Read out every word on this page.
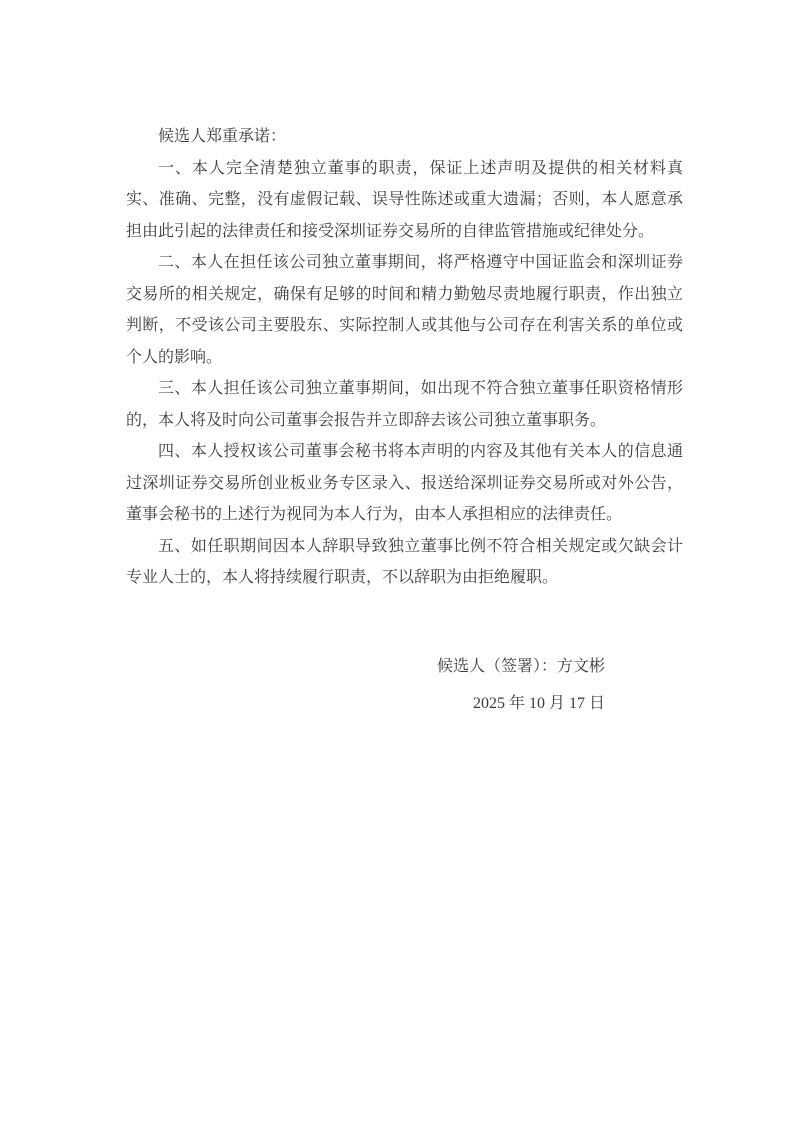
候选人郑重承诺：

一、本人完全清楚独立董事的职责，保证上述声明及提供的相关材料真实、准确、完整，没有虚假记载、误导性陈述或重大遗漏；否则，本人愿意承担由此引起的法律责任和接受深圳证券交易所的自律监管措施或纪律处分。

二、本人在担任该公司独立董事期间，将严格遵守中国证监会和深圳证券交易所的相关规定，确保有足够的时间和精力勤勉尽责地履行职责，作出独立判断，不受该公司主要股东、实际控制人或其他与公司存在利害关系的单位或个人的影响。

三、本人担任该公司独立董事期间，如出现不符合独立董事任职资格情形的，本人将及时向公司董事会报告并立即辞去该公司独立董事职务。

四、本人授权该公司董事会秘书将本声明的内容及其他有关本人的信息通过深圳证券交易所创业板业务专区录入、报送给深圳证券交易所或对外公告，董事会秘书的上述行为视同为本人行为，由本人承担相应的法律责任。

五、如任职期间因本人辞职导致独立董事比例不符合相关规定或欠缺会计专业人士的，本人将持续履行职责，不以辞职为由拒绝履职。

候选人（签署）：方文彬

2025 年 10 月 17 日
